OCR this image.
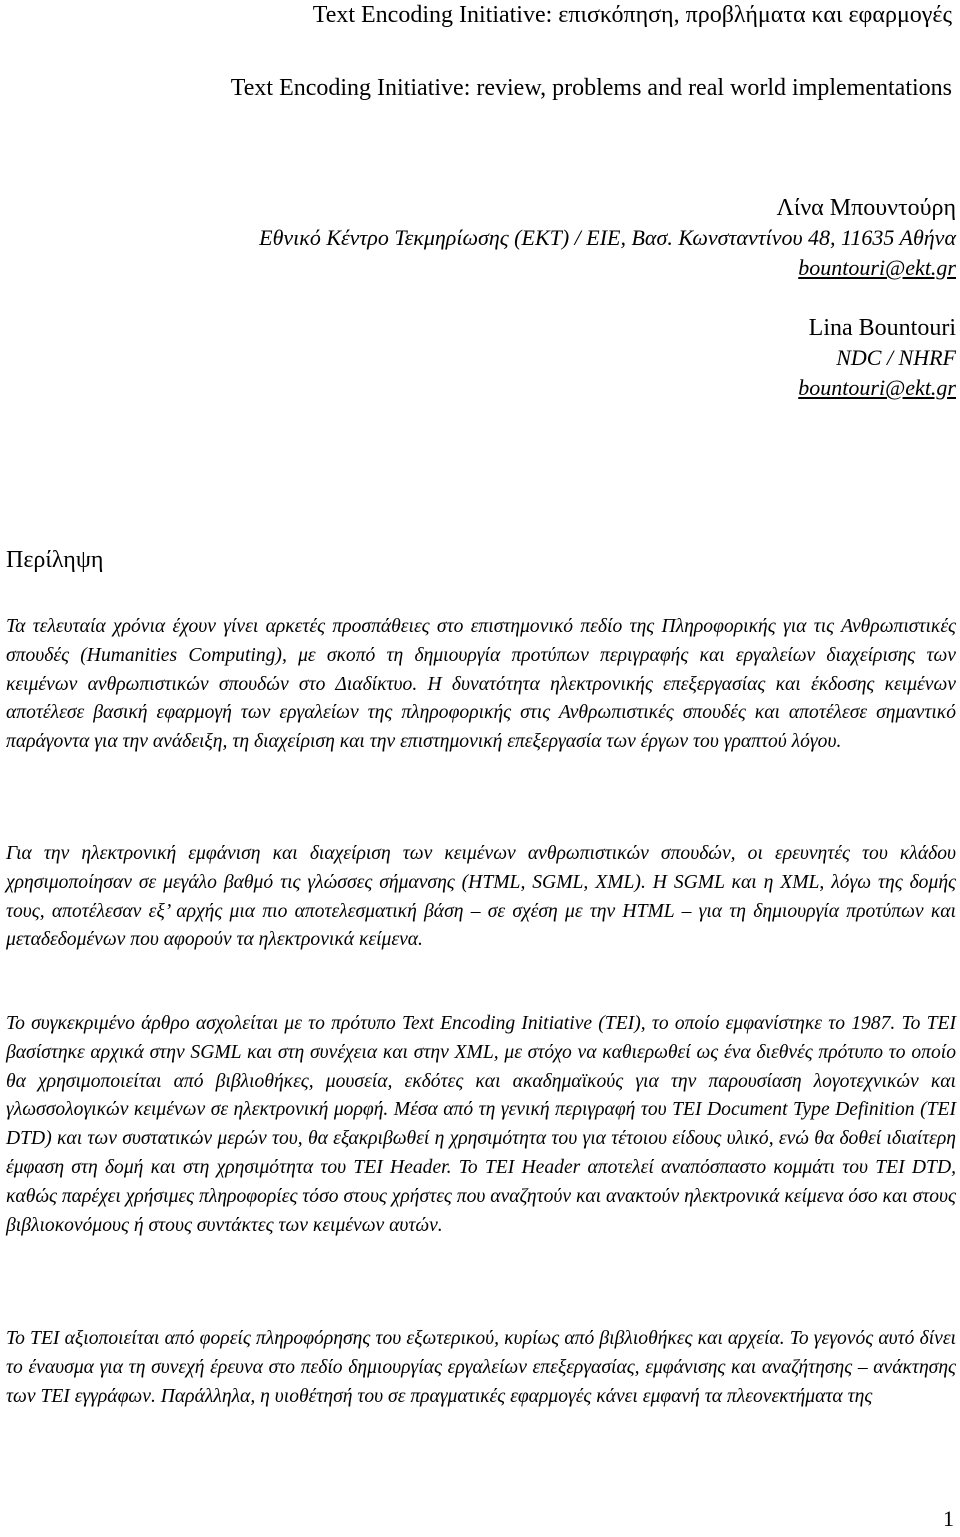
Text Encoding Initiative: επισκόπηση, προβλήματα και εφαρμογές
Text Encoding Initiative: review, problems and real world implementations
Λίνα Μπουντούρη
Εθνικό Κέντρο Τεκμηρίωσης (ΕΚΤ) / ΕΙΕ, Βασ. Κωνσταντίνου 48, 11635 Αθήνα
bountouri@ekt.gr
Lina Bountouri
NDC / NHRF
bountouri@ekt.gr
Περίληψη

Τα τελευταία χρόνια έχουν γίνει αρκετές προσπάθειες στο επιστημονικό πεδίο της Πληροφορικής για τις Ανθρωπιστικές σπουδές (Humanities Computing), με σκοπό τη δημιουργία προτύπων περιγραφής και εργαλείων διαχείρισης των κειμένων ανθρωπιστικών σπουδών στο Διαδίκτυο. Η δυνατότητα ηλεκτρονικής επεξεργασίας και έκδοσης κειμένων αποτέλεσε βασική εφαρμογή των εργαλείων της πληροφορικής στις Ανθρωπιστικές σπουδές και αποτέλεσε σημαντικό παράγοντα για την ανάδειξη, τη διαχείριση και την επιστημονική επεξεργασία των έργων του γραπτού λόγου.

Για την ηλεκτρονική εμφάνιση και διαχείριση των κειμένων ανθρωπιστικών σπουδών, οι ερευνητές του κλάδου χρησιμοποίησαν σε μεγάλο βαθμό τις γλώσσες σήμανσης (HTML, SGML, XML). Η SGML και η XML, λόγω της δομής τους, αποτέλεσαν εξ’ αρχής μια πιο αποτελεσματική βάση – σε σχέση με την HTML – για τη δημιουργία προτύπων και μεταδεδομένων που αφορούν τα ηλεκτρονικά κείμενα.

Το συγκεκριμένο άρθρο ασχολείται με το πρότυπο Text Encoding Initiative (TEI), το οποίο εμφανίστηκε το 1987. Το TEI βασίστηκε αρχικά στην SGML και στη συνέχεια και στην XML, με στόχο να καθιερωθεί ως ένα διεθνές πρότυπο το οποίο θα χρησιμοποιείται από βιβλιοθήκες, μουσεία, εκδότες και ακαδημαϊκούς για την παρουσίαση λογοτεχνικών και γλωσσολογικών κειμένων σε ηλεκτρονική μορφή. Μέσα από τη γενική περιγραφή του TEI Document Type Definition (TEI DTD) και των συστατικών μερών του, θα εξακριβωθεί η χρησιμότητα του για τέτοιου είδους υλικό, ενώ θα δοθεί ιδιαίτερη έμφαση στη δομή και στη χρησιμότητα του TEI Header. Το TEI Header αποτελεί αναπόσπαστο κομμάτι του TEI DTD, καθώς παρέχει χρήσιμες πληροφορίες τόσο στους χρήστες που αναζητούν και ανακτούν ηλεκτρονικά κείμενα όσο και στους βιβλιοκονόμους ή στους συντάκτες των κειμένων αυτών.

Το TEI αξιοποιείται από φορείς πληροφόρησης του εξωτερικού, κυρίως από βιβλιοθήκες και αρχεία. Το γεγονός αυτό δίνει το έναυσμα για τη συνεχή έρευνα στο πεδίο δημιουργίας εργαλείων επεξεργασίας, εμφάνισης και αναζήτησης – ανάκτησης των TEI εγγράφων. Παράλληλα, η υιοθέτησή του σε πραγματικές εφαρμογές κάνει εμφανή τα πλεονεκτήματα της

1
